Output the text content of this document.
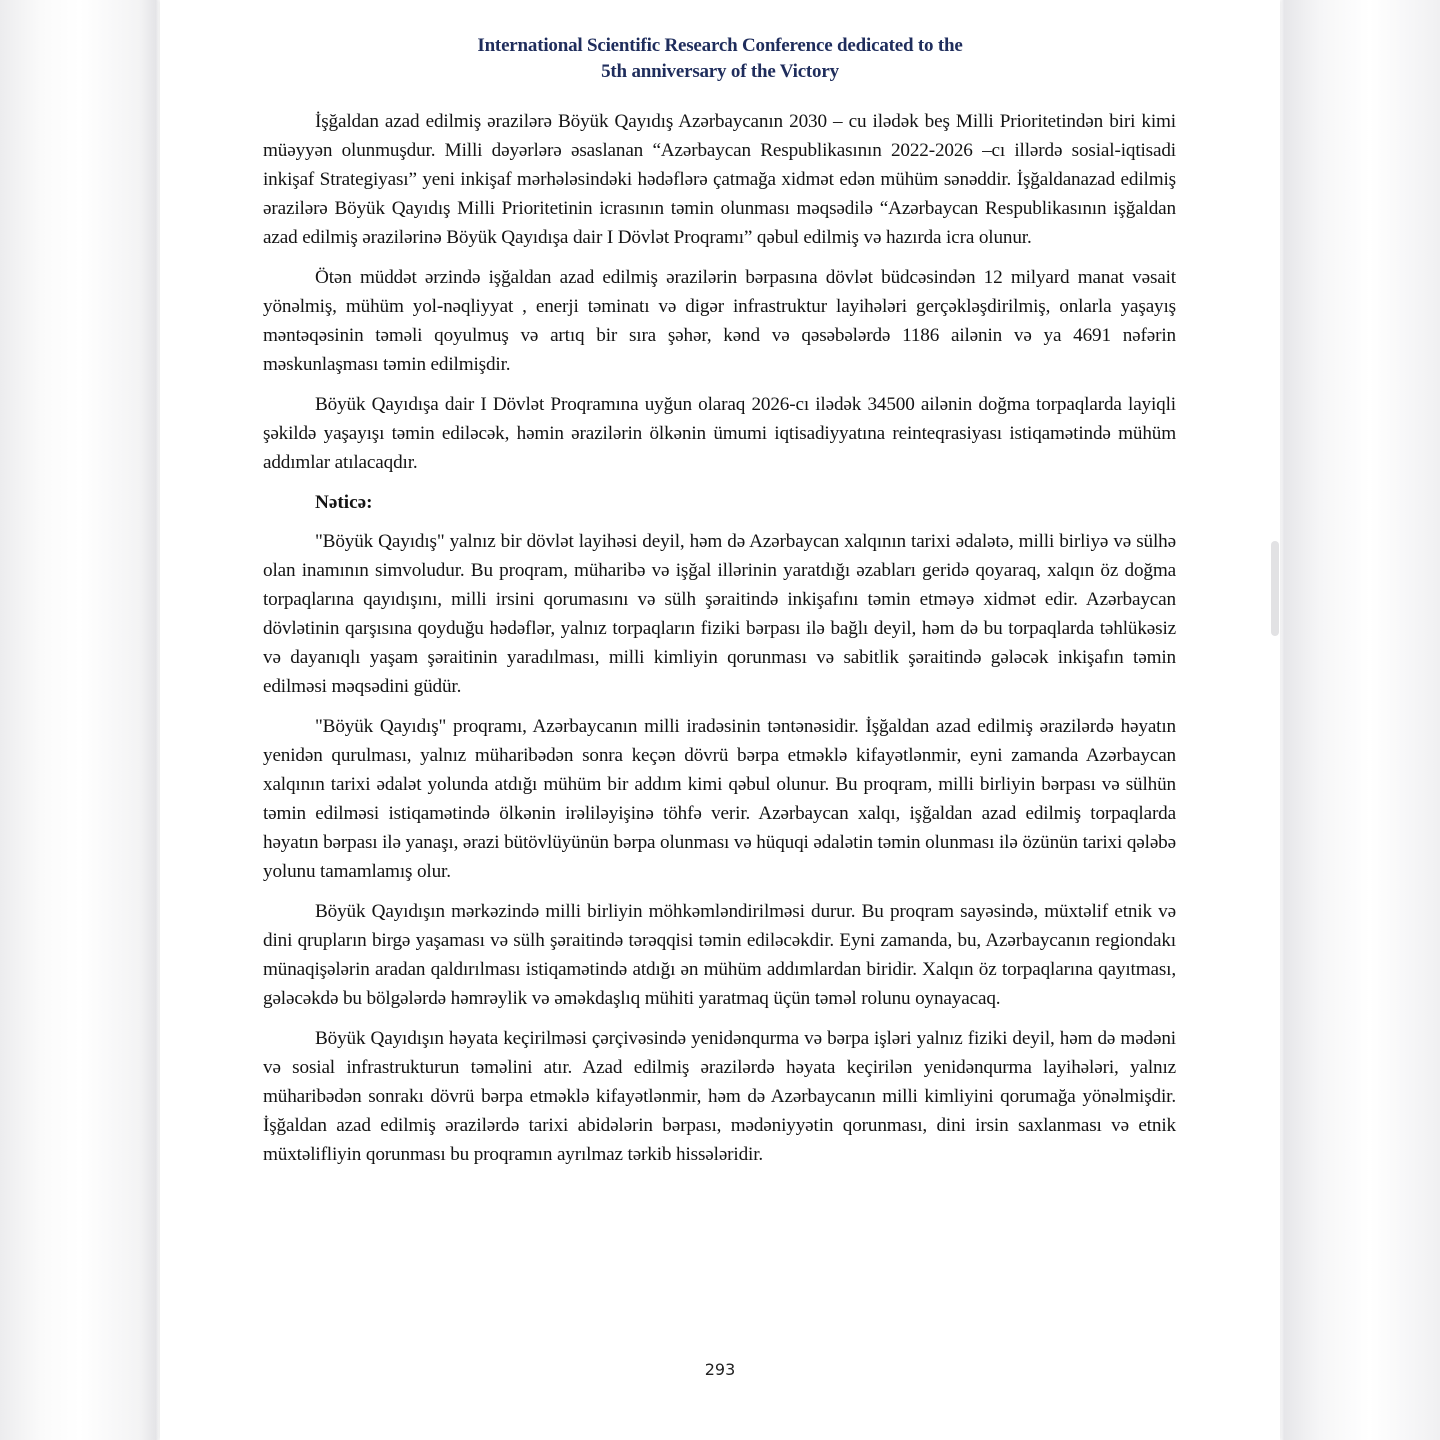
International Scientific Research Conference dedicated to the
5th anniversary of the Victory

İşğaldan azad edilmiş ərazilərə Böyük Qayıdış Azərbaycanın 2030 – cu ilədək beş Milli Prioritetindən biri kimi müəyyən olunmuşdur. Milli dəyərlərə əsaslanan “Azərbaycan Respublikasının 2022-2026 –cı illərdə sosial-iqtisadi inkişaf Strategiyası” yeni inkişaf mərhələsindəki hədəflərə çatmağa xidmət edən mühüm sənəddir. İşğaldanazad edilmiş ərazilərə Böyük Qayıdış Milli Prioritetinin icrasının təmin olunması məqsədilə “Azərbaycan Respublikasının işğaldan azad edilmiş ərazilərinə Böyük Qayıdışa dair I Dövlət Proqramı” qəbul edilmiş və hazırda icra olunur.

Ötən müddət ərzində işğaldan azad edilmiş ərazilərin bərpasına dövlət büdcəsindən 12 milyard manat vəsait yönəlmiş, mühüm yol-nəqliyyat , enerji təminatı və digər infrastruktur layihələri gerçəkləşdirilmiş, onlarla yaşayış məntəqəsinin təməli qoyulmuş və artıq bir sıra şəhər, kənd və qəsəbələrdə 1186 ailənin və ya 4691 nəfərin məskunlaşması təmin edilmişdir.

Böyük Qayıdışa dair I Dövlət Proqramına uyğun olaraq 2026-cı ilədək 34500 ailənin doğma torpaqlarda layiqli şəkildə yaşayışı təmin ediləcək, həmin ərazilərin ölkənin ümumi iqtisadiyyatına reinteqrasiyası istiqamətində mühüm addımlar atılacaqdır.

Nəticə:

"Böyük Qayıdış" yalnız bir dövlət layihəsi deyil, həm də Azərbaycan xalqının tarixi ədalətə, milli birliyə və sülhə olan inamının simvoludur. Bu proqram, müharibə və işğal illərinin yaratdığı əzabları geridə qoyaraq, xalqın öz doğma torpaqlarına qayıdışını, milli irsini qorumasını və sülh şəraitində inkişafını təmin etməyə xidmət edir. Azərbaycan dövlətinin qarşısına qoyduğu hədəflər, yalnız torpaqların fiziki bərpası ilə bağlı deyil, həm də bu torpaqlarda təhlükəsiz və dayanıqlı yaşam şəraitinin yaradılması, milli kimliyin qorunması və sabitlik şəraitində gələcək inkişafın təmin edilməsi məqsədini güdür.

"Böyük Qayıdış" proqramı, Azərbaycanın milli iradəsinin təntənəsidir. İşğaldan azad edilmiş ərazilərdə həyatın yenidən qurulması, yalnız müharibədən sonra keçən dövrü bərpa etməklə kifayətlənmir, eyni zamanda Azərbaycan xalqının tarixi ədalət yolunda atdığı mühüm bir addım kimi qəbul olunur. Bu proqram, milli birliyin bərpası və sülhün təmin edilməsi istiqamətində ölkənin irəliləyişinə töhfə verir. Azərbaycan xalqı, işğaldan azad edilmiş torpaqlarda həyatın bərpası ilə yanaşı, ərazi bütövlüyünün bərpa olunması və hüquqi ədalətin təmin olunması ilə özünün tarixi qələbə yolunu tamamlamış olur.

Böyük Qayıdışın mərkəzində milli birliyin möhkəmləndirilməsi durur. Bu proqram sayəsində, müxtəlif etnik və dini qrupların birgə yaşaması və sülh şəraitində tərəqqisi təmin ediləcəkdir. Eyni zamanda, bu, Azərbaycanın regiondakı münaqişələrin aradan qaldırılması istiqamətində atdığı ən mühüm addımlardan biridir. Xalqın öz torpaqlarına qayıtması, gələcəkdə bu bölgələrdə həmrəylik və əməkdaşlıq mühiti yaratmaq üçün təməl rolunu oynayacaq.

Böyük Qayıdışın həyata keçirilməsi çərçivəsində yenidənqurma və bərpa işləri yalnız fiziki deyil, həm də mədəni və sosial infrastrukturun təməlini atır. Azad edilmiş ərazilərdə həyata keçirilən yenidənqurma layihələri, yalnız müharibədən sonrakı dövrü bərpa etməklə kifayətlənmir, həm də Azərbaycanın milli kimliyini qorumağa yönəlmişdir. İşğaldan azad edilmiş ərazilərdə tarixi abidələrin bərpası, mədəniyyətin qorunması, dini irsin saxlanması və etnik müxtəlifliyin qorunması bu proqramın ayrılmaz tərkib hissələridir.

293
